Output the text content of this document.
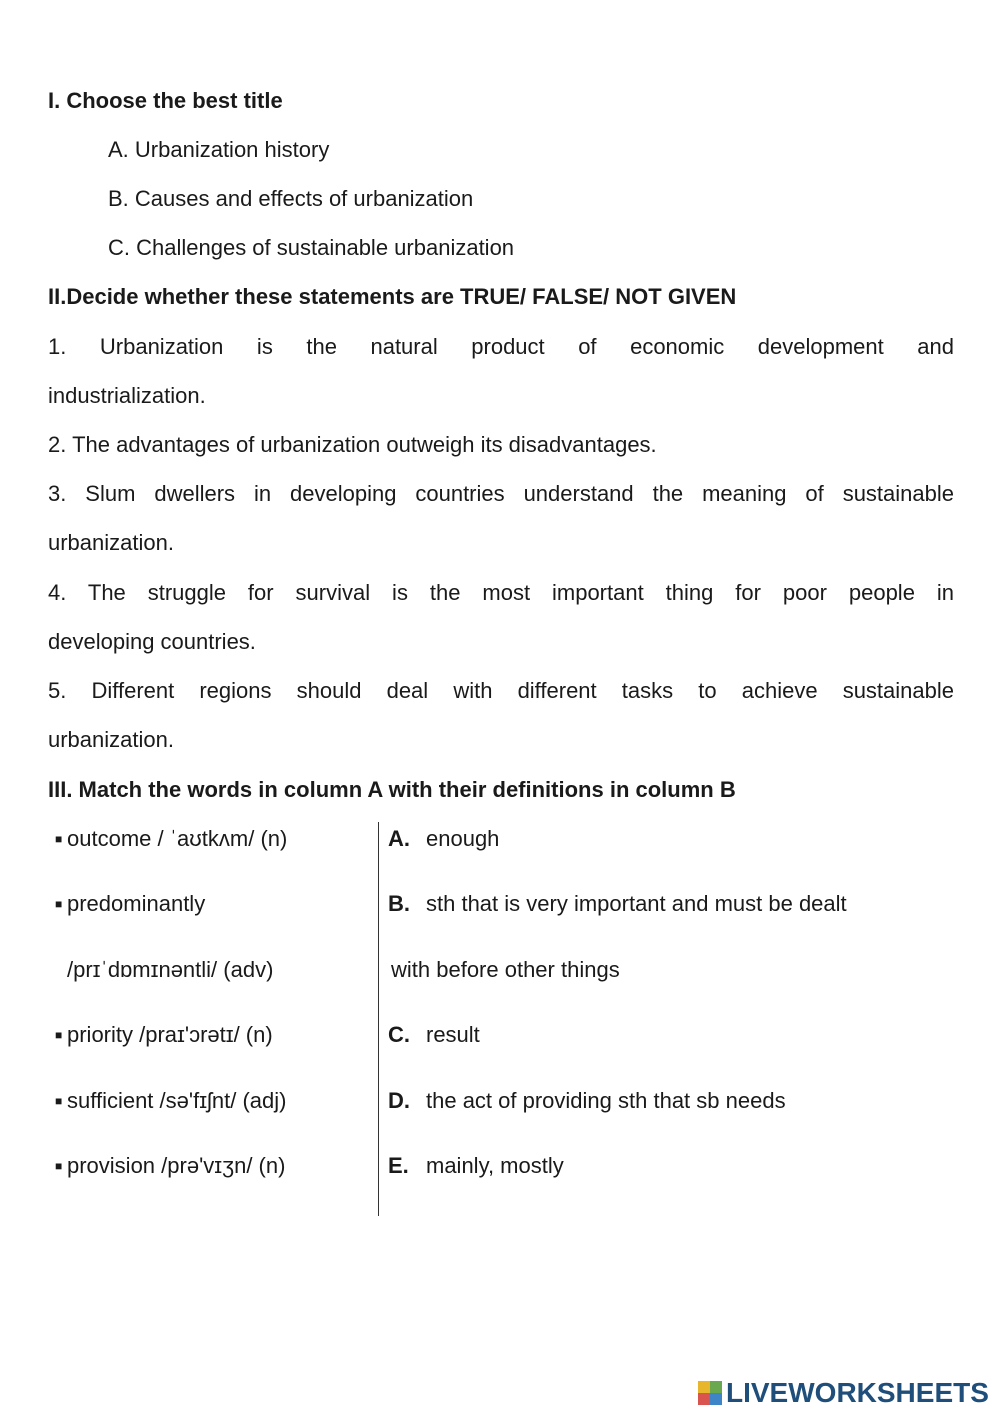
I. Choose the best title
A. Urbanization history
B. Causes and effects of urbanization
C. Challenges of sustainable urbanization
II.Decide whether these statements are TRUE/ FALSE/ NOT GIVEN
1. Urbanization is the natural product of economic development and
industrialization.
2. The advantages of urbanization outweigh its disadvantages.
3. Slum dwellers in developing countries understand the meaning of sustainable
urbanization.
4. The struggle for survival is the most important thing for poor people in
developing countries.
5. Different regions should deal with different tasks to achieve sustainable
urbanization.
III. Match the words in column A with their definitions in column B
■ outcome / ˈaʊtkʌm/ (n)
■ predominantly
/prɪˈdɒmɪnəntli/ (adv)
■ priority /praɪ'ɔrətɪ/ (n)
■ sufficient /sə'fɪʃnt/ (adj)
■ provision /prə'vɪʒn/ (n)
A. enough
B. sth that is very important and must be dealt
with before other things
C. result
D. the act of providing sth that sb needs
E. mainly, mostly
LIVEWORKSHEETS
